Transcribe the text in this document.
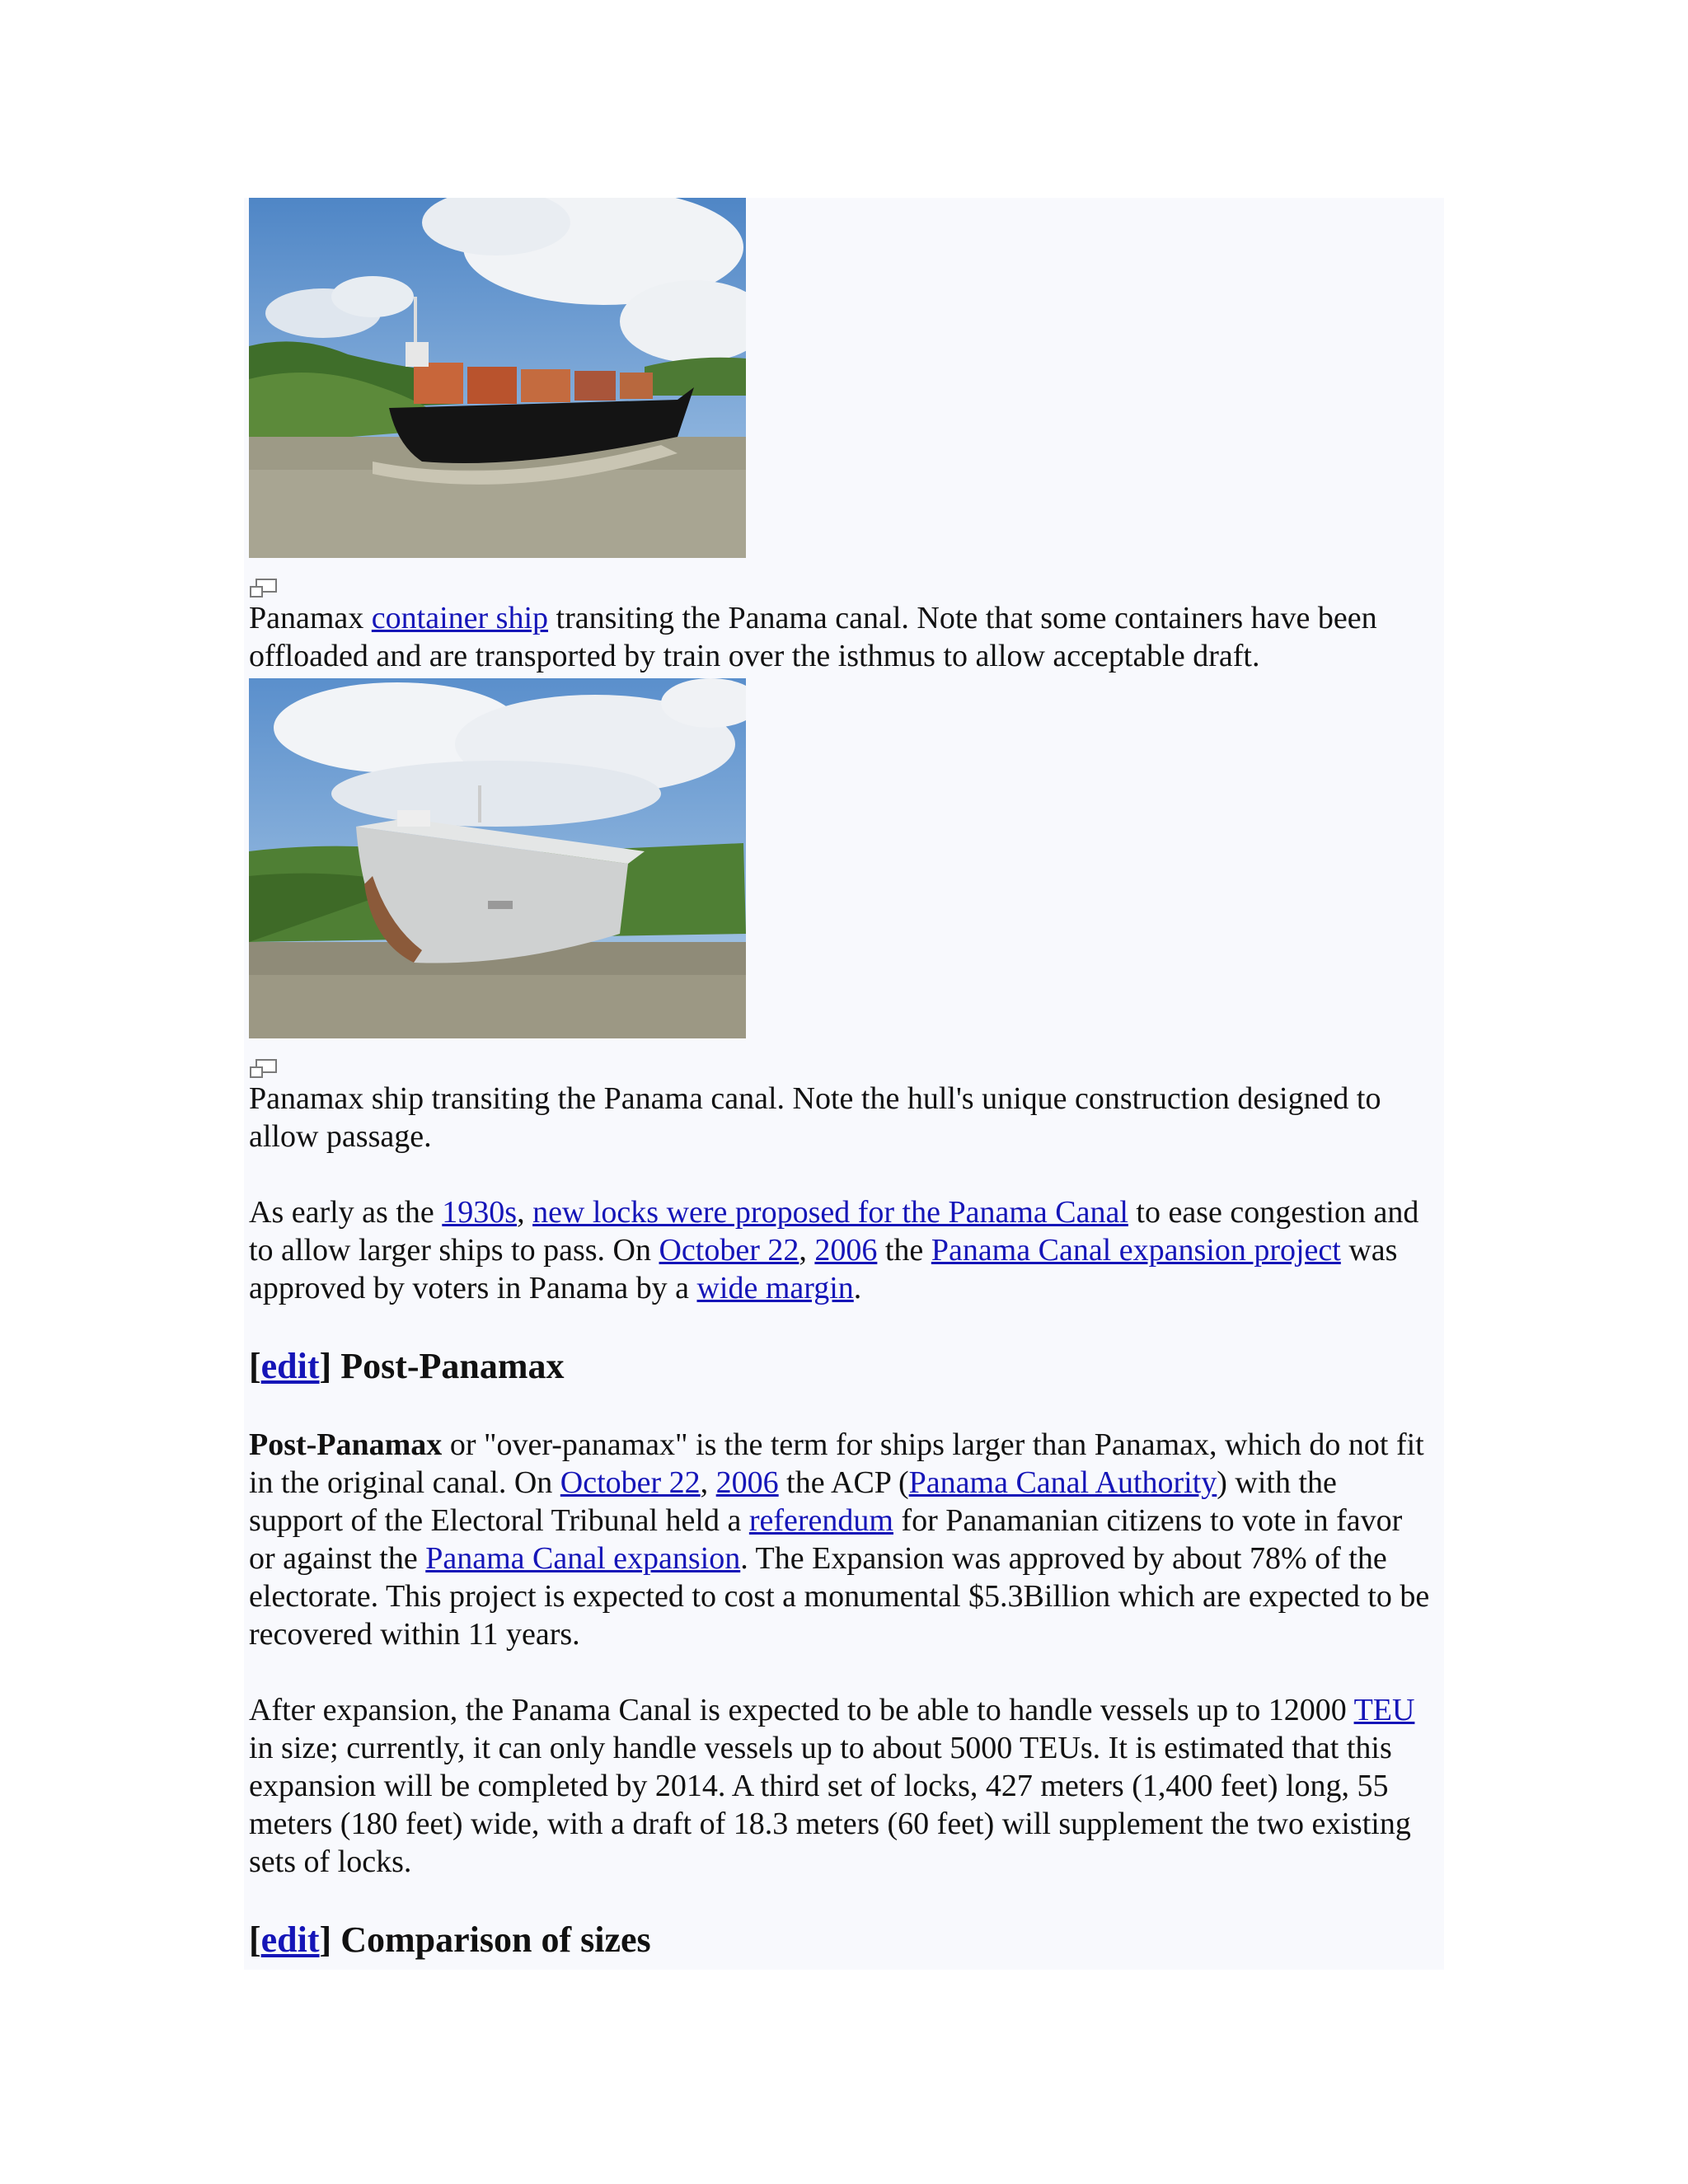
Panamax container ship transiting the Panama canal. Note that some containers have been offloaded and are transported by train over the isthmus to allow acceptable draft.

Panamax ship transiting the Panama canal. Note the hull's unique construction designed to allow passage.

As early as the 1930s, new locks were proposed for the Panama Canal to ease congestion and to allow larger ships to pass. On October 22, 2006 the Panama Canal expansion project was approved by voters in Panama by a wide margin.

[edit] Post-Panamax

Post-Panamax or "over-panamax" is the term for ships larger than Panamax, which do not fit in the original canal. On October 22, 2006 the ACP (Panama Canal Authority) with the support of the Electoral Tribunal held a referendum for Panamanian citizens to vote in favor or against the Panama Canal expansion. The Expansion was approved by about 78% of the electorate. This project is expected to cost a monumental $5.3Billion which are expected to be recovered within 11 years.

After expansion, the Panama Canal is expected to be able to handle vessels up to 12000 TEU in size; currently, it can only handle vessels up to about 5000 TEUs. It is estimated that this expansion will be completed by 2014. A third set of locks, 427 meters (1,400 feet) long, 55 meters (180 feet) wide, with a draft of 18.3 meters (60 feet) will supplement the two existing sets of locks.

[edit] Comparison of sizes
